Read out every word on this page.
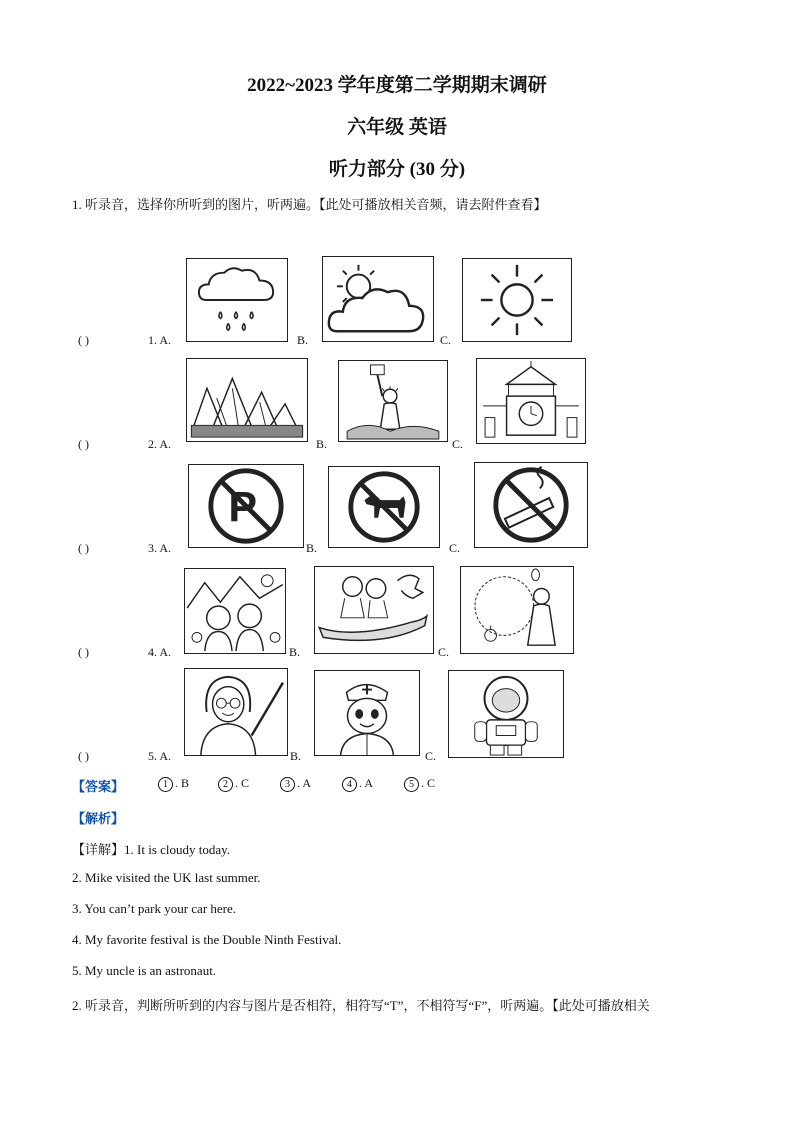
2022~2023 学年度第二学期期末调研
六年级 英语
听力部分 (30 分)
1. 听录音，选择你所听到的图片，听两遍。【此处可播放相关音频，请去附件查看】
( )	1. A.	B.	C.
( )	2. A.	B.	C.
P
( )	3. A.	B.	C.
( )	4. A.	B.	C.
( )	5. A.	B.	C.
【答案】	1 . B	2 . C	3 . A	4 . A	5 . C
【解析】
【详解】1. It is cloudy today.
2. Mike visited the UK last summer.
3. You can’t park your car here.
4. My favorite festival is the Double Ninth Festival.
5. My uncle is an astronaut.
2. 听录音，判断所听到的内容与图片是否相符，相符写“T”，不相符写“F”，听两遍。【此处可播放相关
